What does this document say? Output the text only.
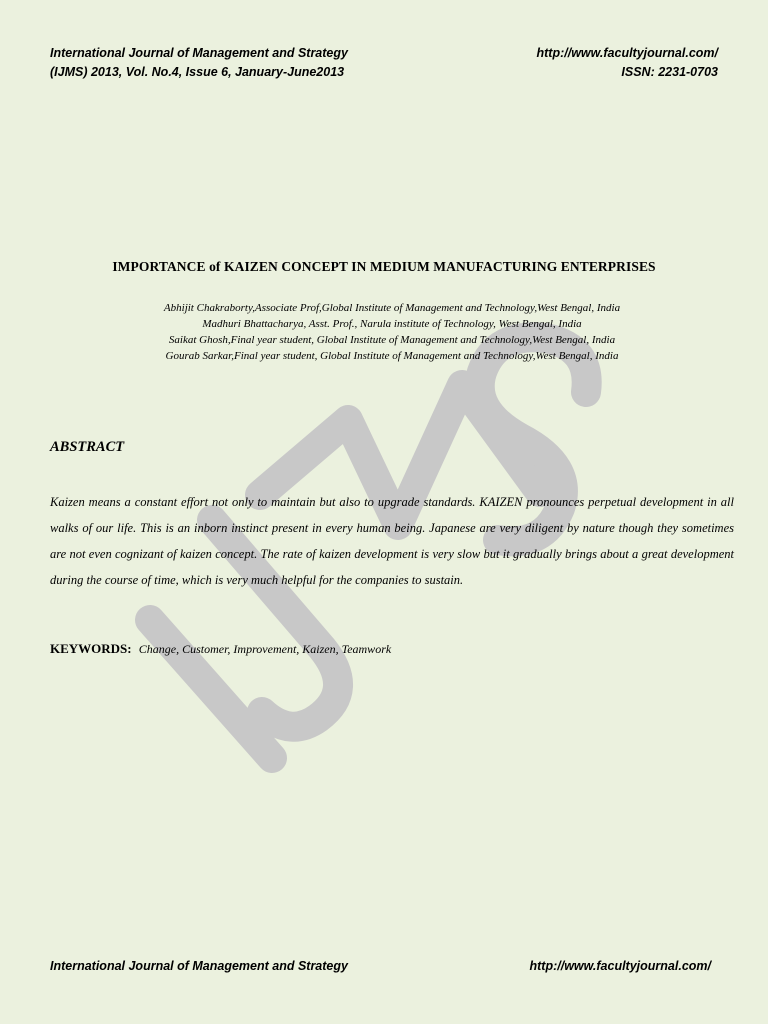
International Journal of Management and Strategy
(IJMS) 2013, Vol. No.4, Issue 6, January-June2013
http://www.facultyjournal.com/
ISSN: 2231-0703
IMPORTANCE of KAIZEN CONCEPT IN MEDIUM MANUFACTURING ENTERPRISES
Abhijit Chakraborty,Associate Prof,Global Institute of Management and Technology,West Bengal, India
Madhuri Bhattacharya, Asst. Prof., Narula institute of Technology, West Bengal, India
Saikat Ghosh,Final year student, Global Institute of Management and Technology,West Bengal, India
Gourab Sarkar,Final year student, Global Institute of Management and Technology,West Bengal, India
ABSTRACT
Kaizen means a constant effort not only to maintain but also to upgrade standards. KAIZEN pronounces perpetual development in all walks of our life. This is an inborn instinct present in every human being. Japanese are very diligent by nature though they sometimes are not even cognizant of kaizen concept. The rate of kaizen development is very slow but it gradually brings about a great development during the course of time, which is very much helpful for the companies to sustain.
KEYWORDS: Change, Customer, Improvement, Kaizen, Teamwork
International Journal of Management and Strategy	http://www.facultyjournal.com/
